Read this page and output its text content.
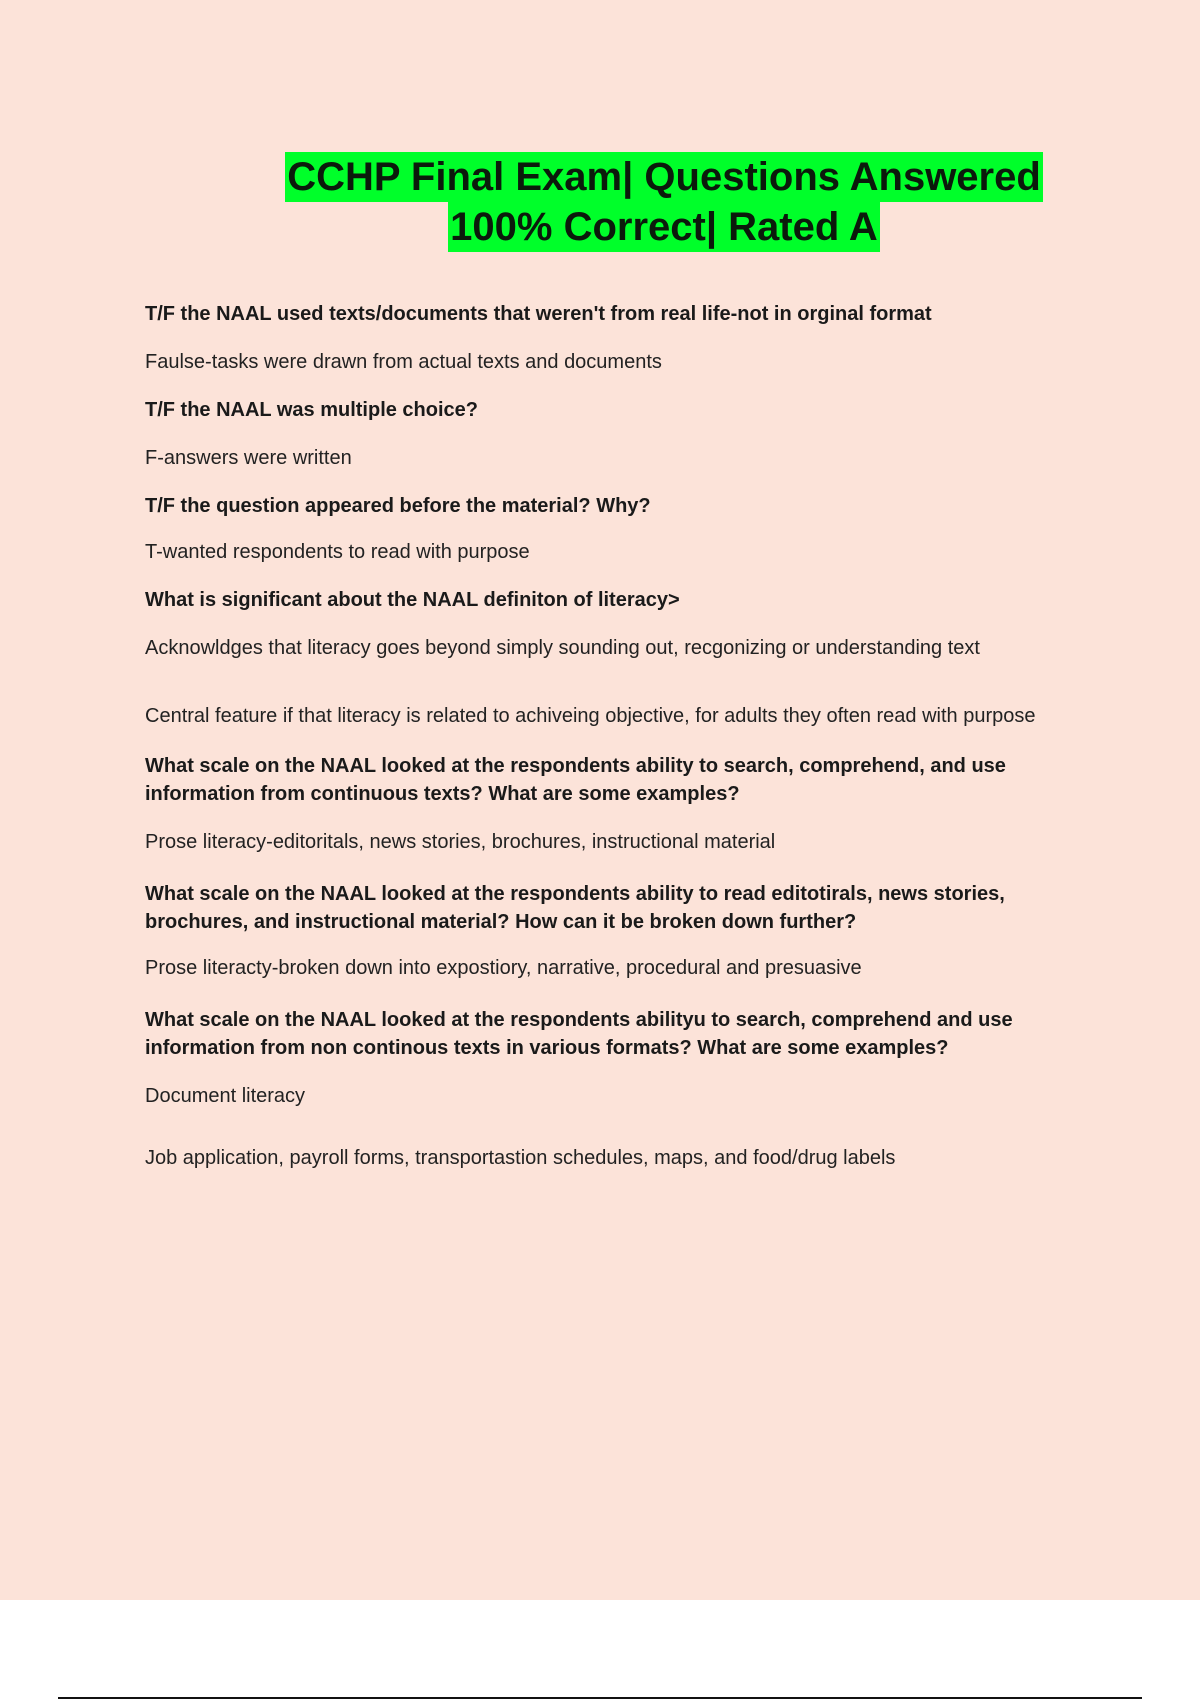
CCHP Final Exam| Questions Answered
100% Correct| Rated A

T/F the NAAL used texts/documents that weren't from real life-not in orginal format

Faulse-tasks were drawn from actual texts and documents

T/F the NAAL was multiple choice?

F-answers were written

T/F the question appeared before the material? Why?

T-wanted respondents to read with purpose

What is significant about the NAAL definiton of literacy>

Acknowldges that literacy goes beyond simply sounding out, recgonizing or understanding text

Central feature if that literacy is related to achiveing objective, for adults they often read with purpose

What scale on the NAAL looked at the respondents ability to search, comprehend, and use information from continuous texts? What are some examples?

Prose literacy-editoritals, news stories, brochures, instructional material

What scale on the NAAL looked at the respondents ability to read editotirals, news stories, brochures, and instructional material? How can it be broken down further?

Prose literacty-broken down into expostiory, narrative, procedural and presuasive

What scale on the NAAL looked at the respondents abilityu to search, comprehend and use information from non continous texts in various formats? What are some examples?

Document literacy

Job application, payroll forms, transportastion schedules, maps, and food/drug labels
